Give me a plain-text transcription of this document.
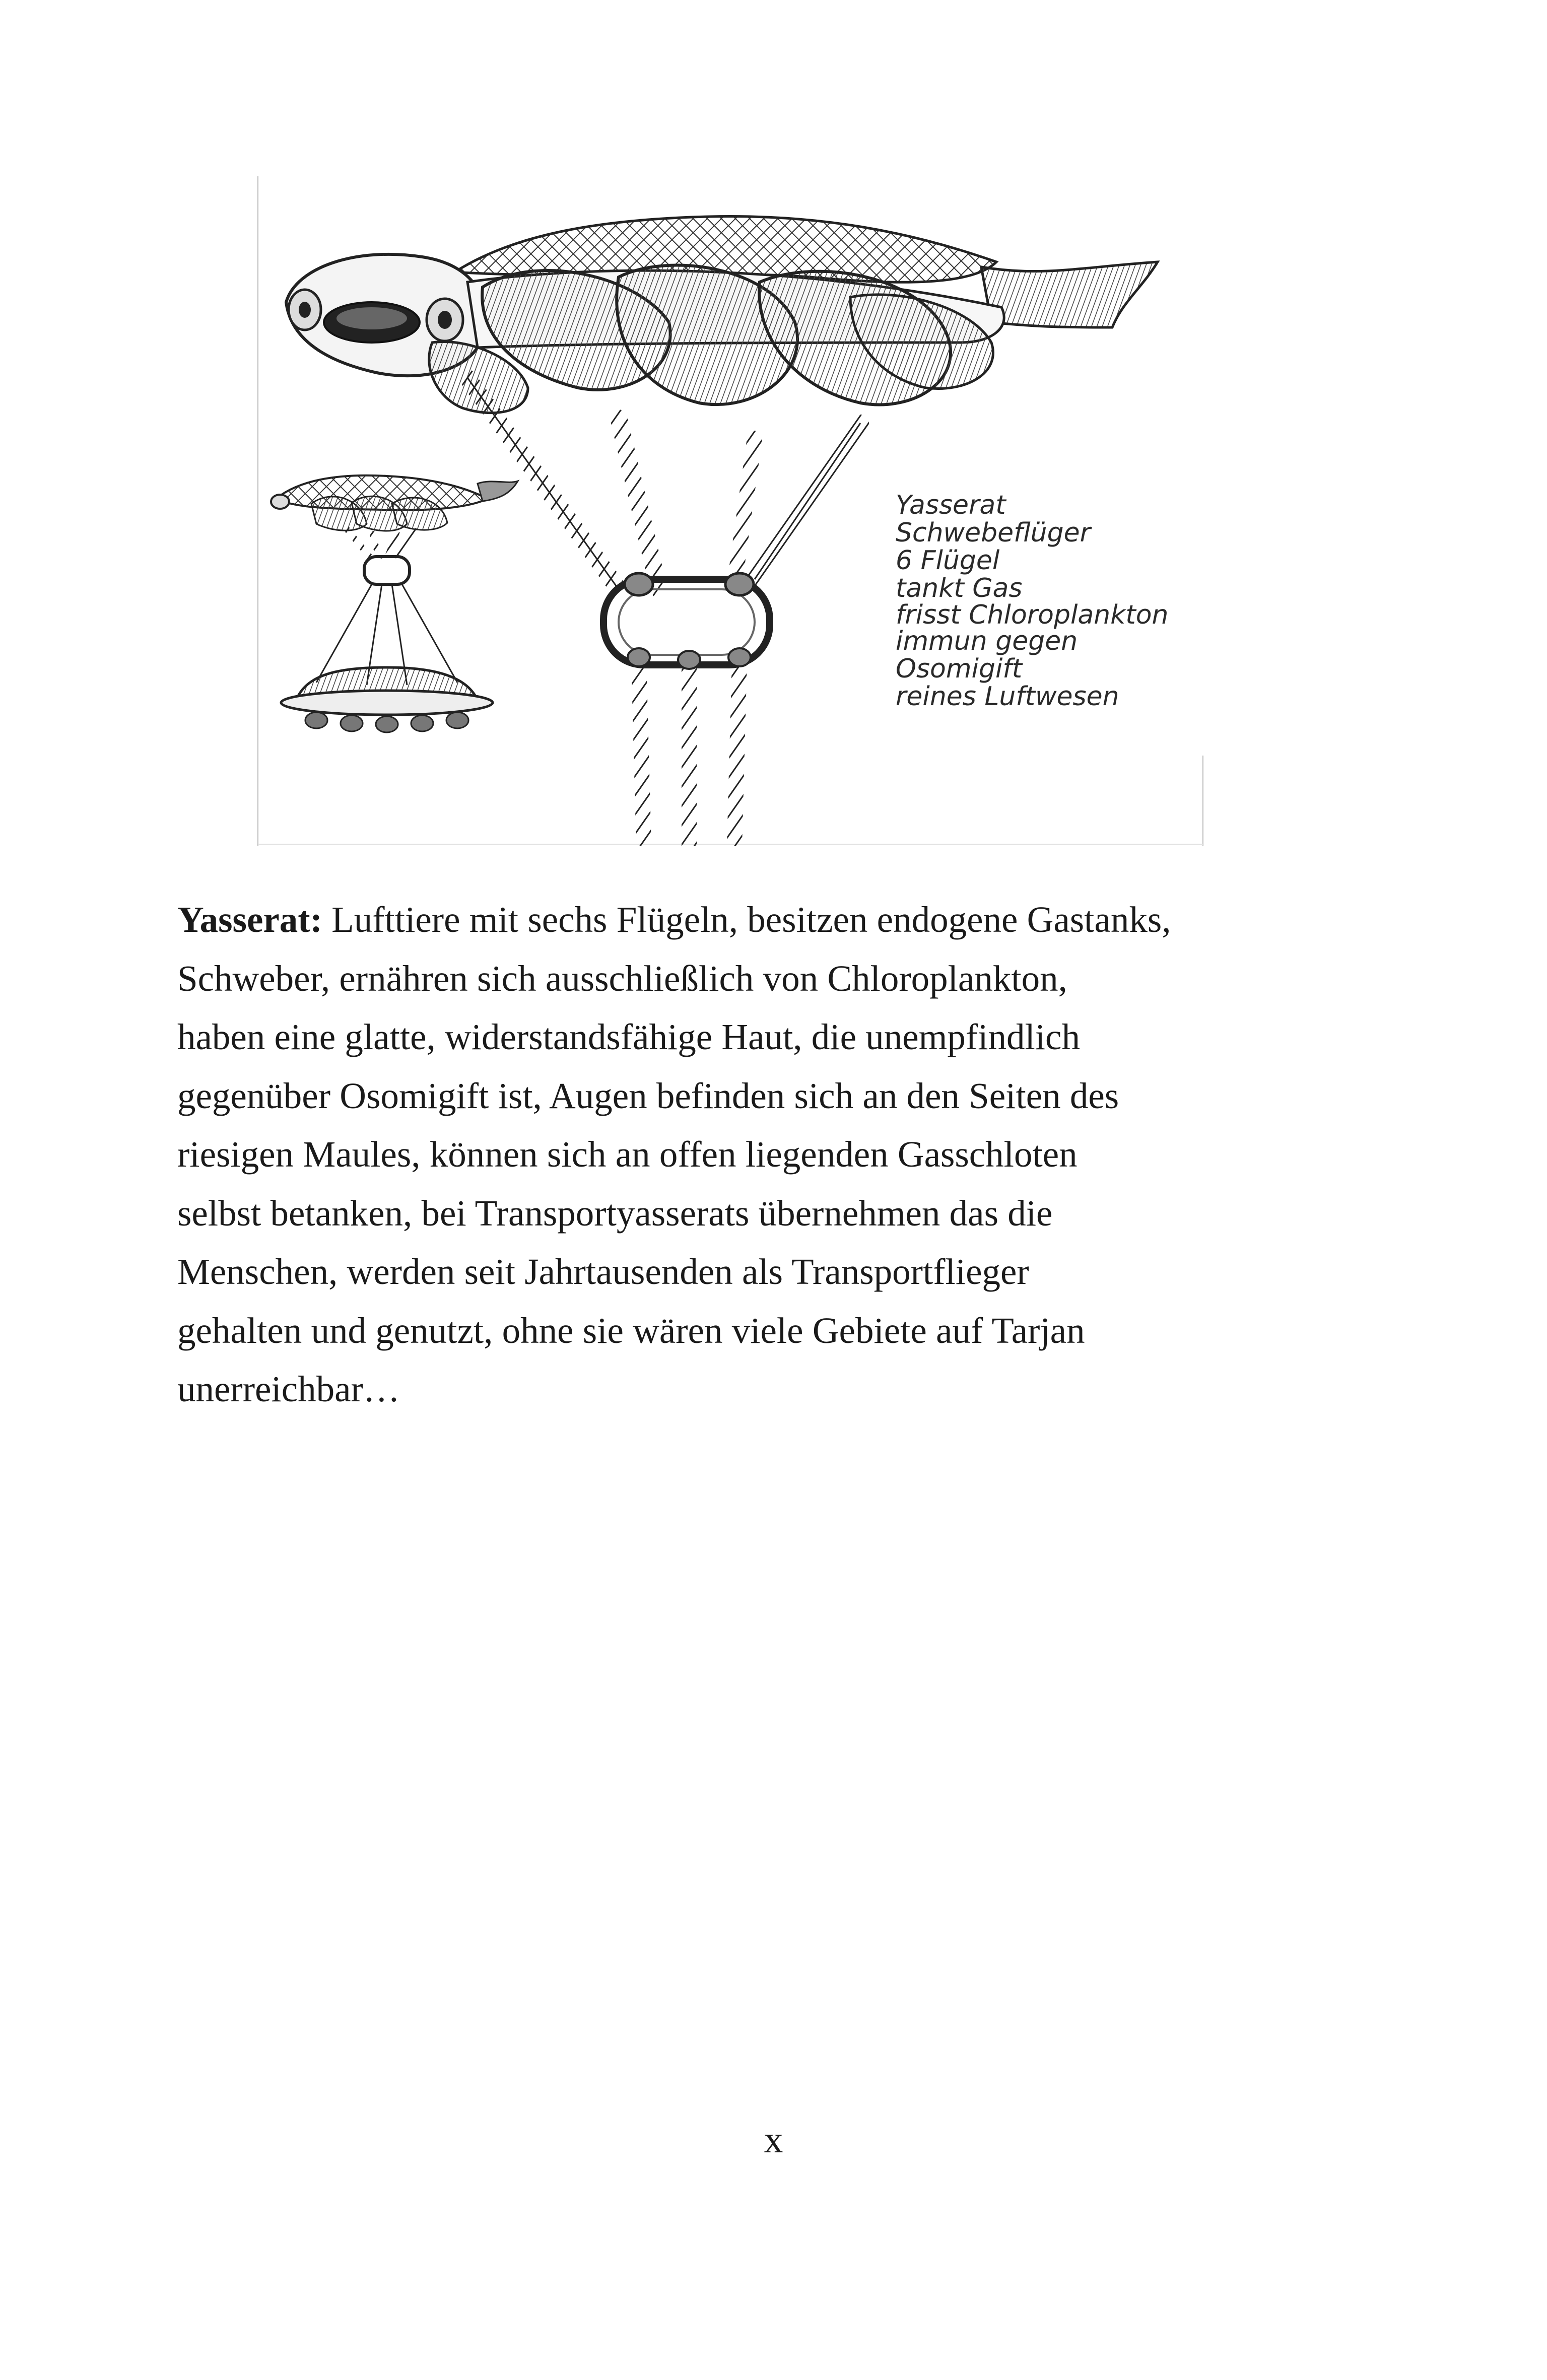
Yasserat
Schwebeflüger
6 Flügel
tankt Gas
frisst Chloroplankton
immun gegen
Osomigift
reines Luftwesen
Yasserat: Lufttiere mit sechs Flügeln, besitzen endogene Gastanks,
Schweber, ernähren sich ausschließlich von Chloroplankton,
haben eine glatte, widerstandsfähige Haut, die unempfindlich
gegenüber Osomigift ist, Augen befinden sich an den Seiten des
riesigen Maules, können sich an offen liegenden Gasschloten
selbst betanken, bei Transportyasserats übernehmen das die
Menschen, werden seit Jahrtausenden als Transportflieger
gehalten und genutzt, ohne sie wären viele Gebiete auf Tarjan
unerreichbar…
x
